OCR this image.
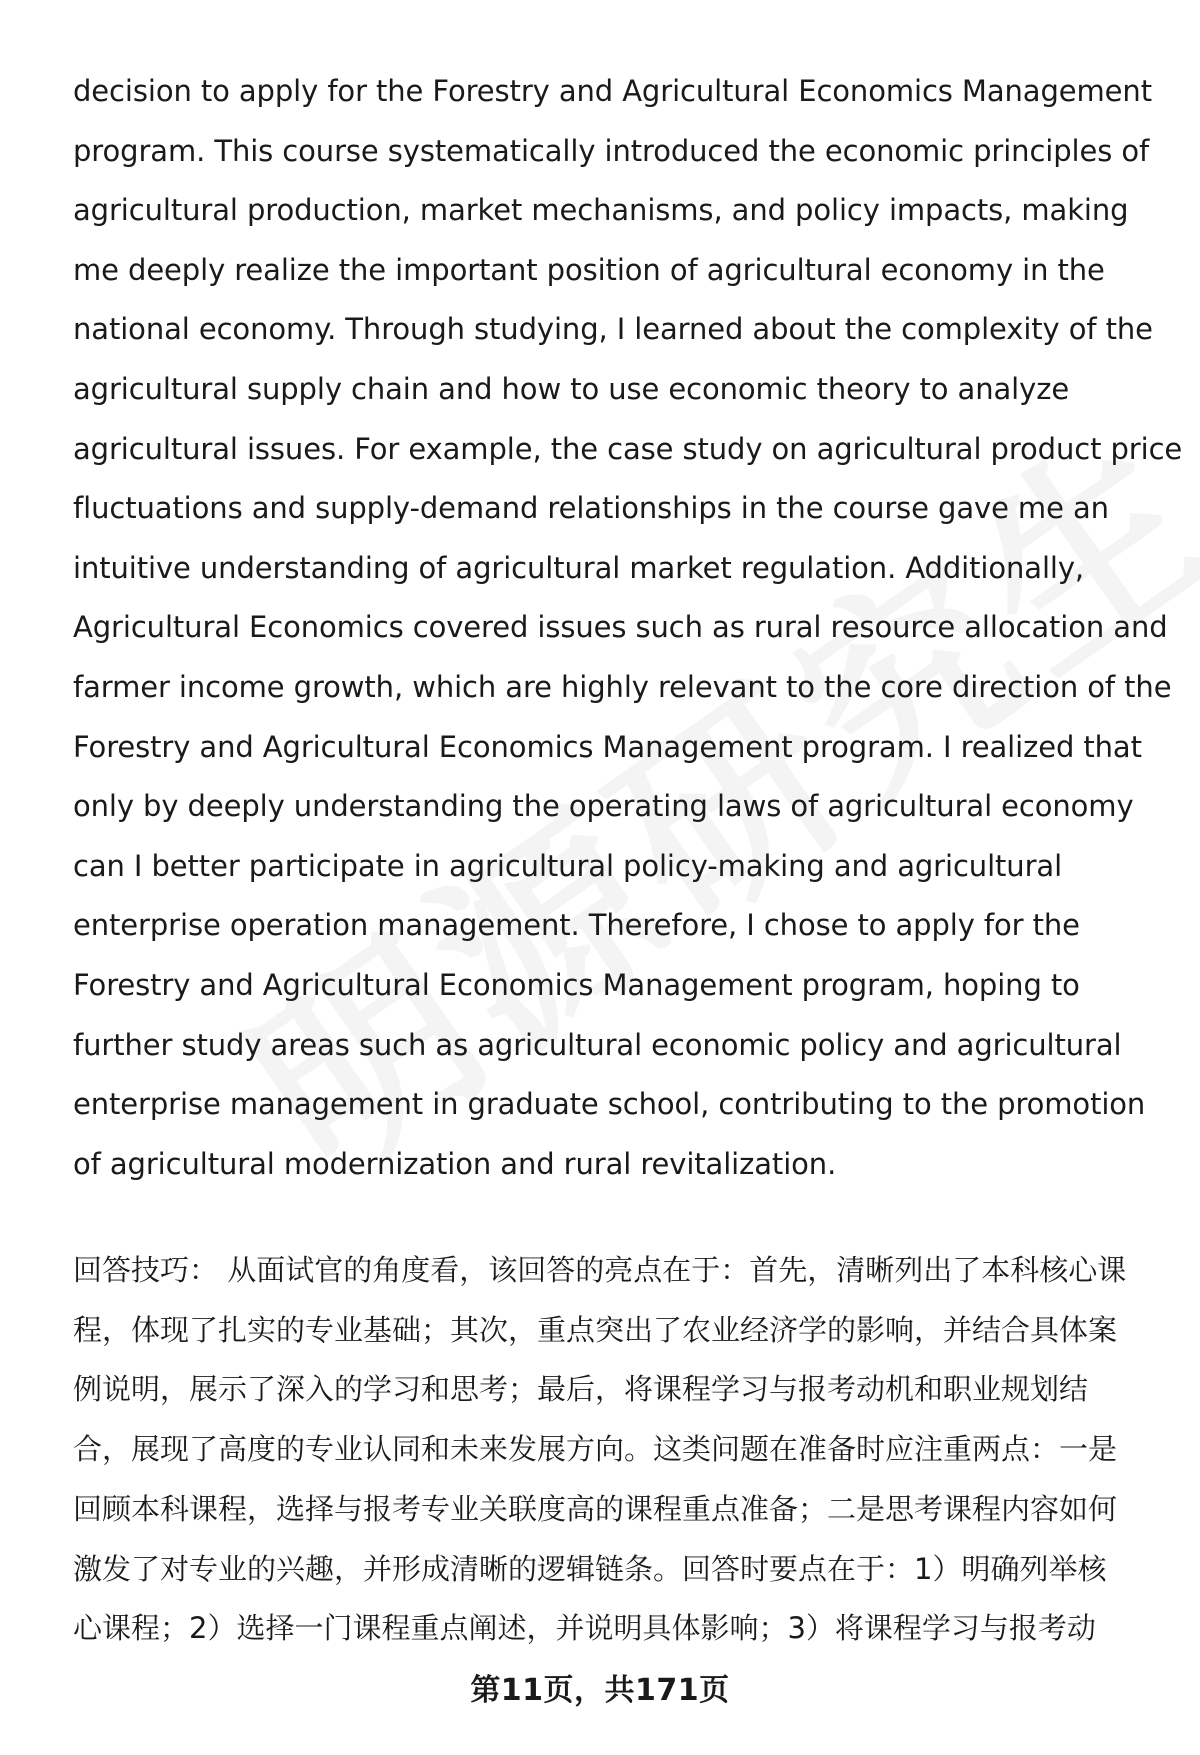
decision to apply for the Forestry and Agricultural Economics Management
program. This course systematically introduced the economic principles of
agricultural production, market mechanisms, and policy impacts, making
me deeply realize the important position of agricultural economy in the
national economy. Through studying, I learned about the complexity of the
agricultural supply chain and how to use economic theory to analyze
agricultural issues. For example, the case study on agricultural product price
fluctuations and supply-demand relationships in the course gave me an
intuitive understanding of agricultural market regulation. Additionally,
Agricultural Economics covered issues such as rural resource allocation and
farmer income growth, which are highly relevant to the core direction of the
Forestry and Agricultural Economics Management program. I realized that
only by deeply understanding the operating laws of agricultural economy
can I better participate in agricultural policy-making and agricultural
enterprise operation management. Therefore, I chose to apply for the
Forestry and Agricultural Economics Management program, hoping to
further study areas such as agricultural economic policy and agricultural
enterprise management in graduate school, contributing to the promotion
of agricultural modernization and rural revitalization.
回答技巧： 从面试官的角度看，该回答的亮点在于：首先，清晰列出了本科核心课
程，体现了扎实的专业基础；其次，重点突出了农业经济学的影响，并结合具体案
例说明，展示了深入的学习和思考；最后，将课程学习与报考动机和职业规划结
合，展现了高度的专业认同和未来发展方向。这类问题在准备时应注重两点：一是
回顾本科课程，选择与报考专业关联度高的课程重点准备；二是思考课程内容如何
激发了对专业的兴趣，并形成清晰的逻辑链条。回答时要点在于：1）明确列举核
心课程；2）选择一门课程重点阐述，并说明具体影响；3）将课程学习与报考动
第11页，共171页
